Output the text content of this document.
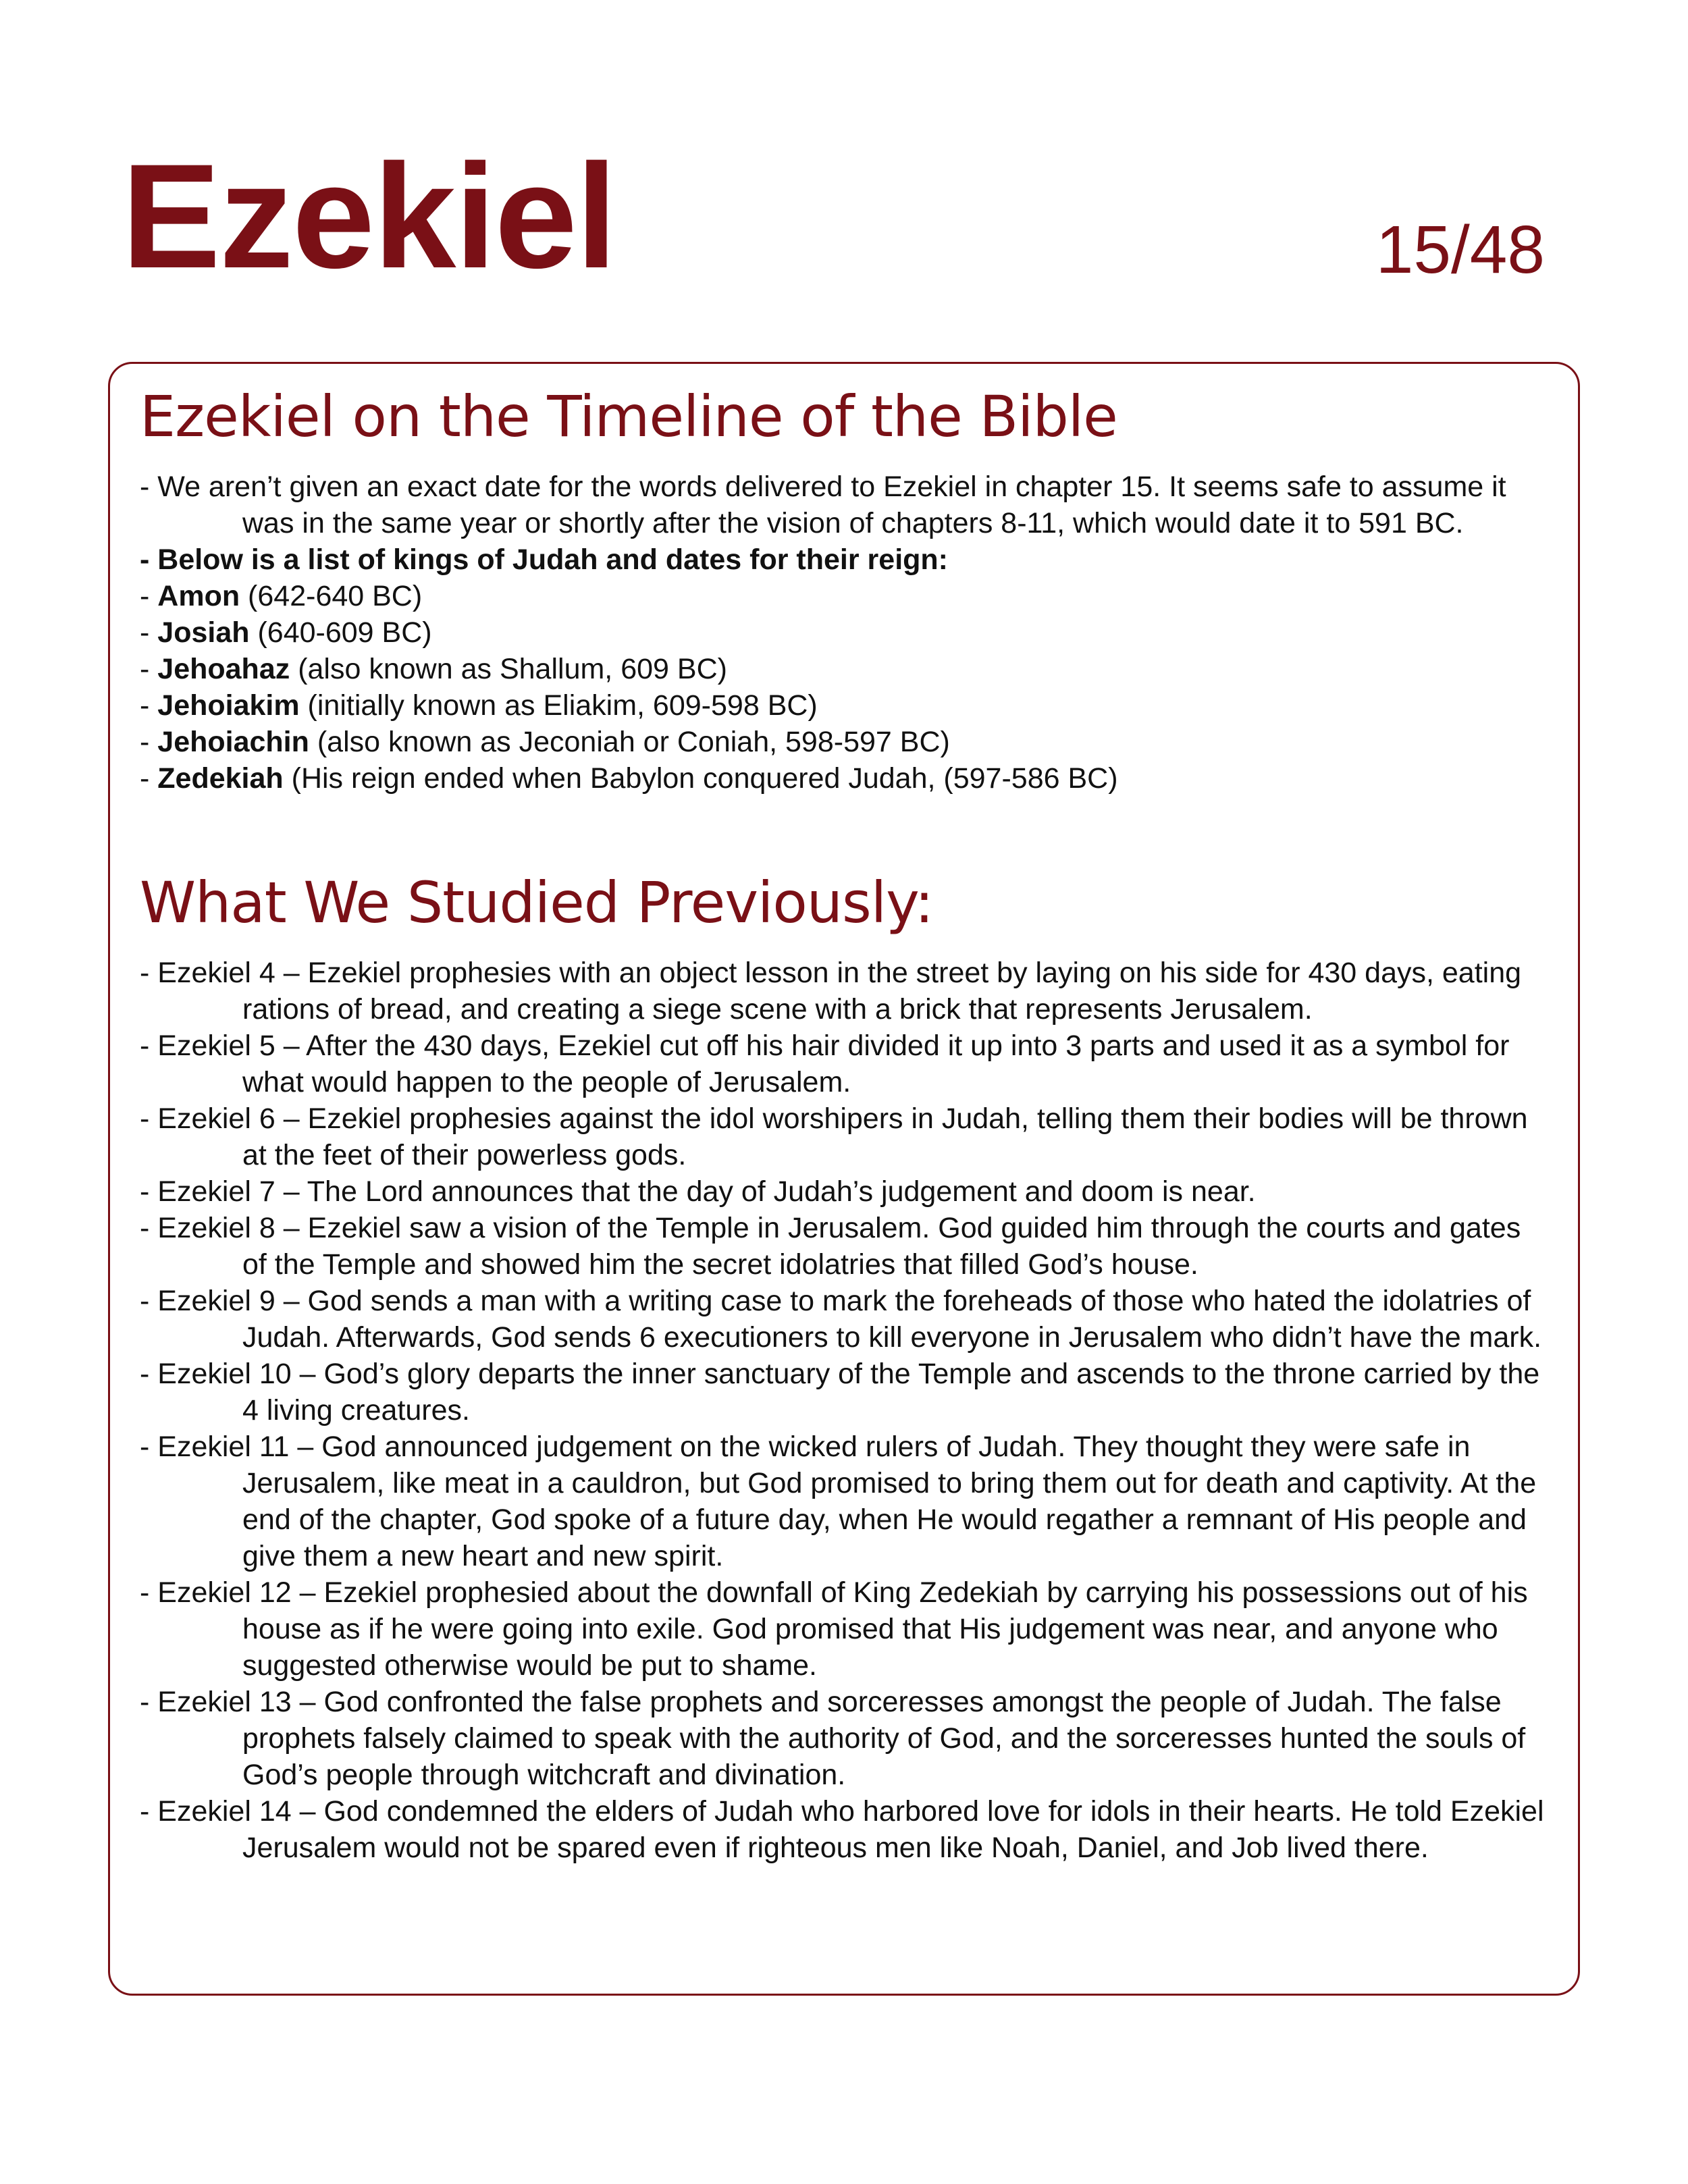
Ezekiel	15/48
Ezekiel on the Timeline of the Bible
- We aren’t given an exact date for the words delivered to Ezekiel in chapter 15. It seems safe to assume it was in the same year or shortly after the vision of chapters 8-11, which would date it to 591 BC.
- Below is a list of kings of Judah and dates for their reign:
- Amon (642-640 BC)
- Josiah (640-609 BC)
- Jehoahaz (also known as Shallum, 609 BC)
- Jehoiakim (initially known as Eliakim, 609-598 BC)
- Jehoiachin (also known as Jeconiah or Coniah, 598-597 BC)
- Zedekiah (His reign ended when Babylon conquered Judah, (597-586 BC)
What We Studied Previously:
- Ezekiel 4 – Ezekiel prophesies with an object lesson in the street by laying on his side for 430 days, eating rations of bread, and creating a siege scene with a brick that represents Jerusalem.
- Ezekiel 5 – After the 430 days, Ezekiel cut off his hair divided it up into 3 parts and used it as a symbol for what would happen to the people of Jerusalem.
- Ezekiel 6 – Ezekiel prophesies against the idol worshipers in Judah, telling them their bodies will be thrown at the feet of their powerless gods.
- Ezekiel 7 – The Lord announces that the day of Judah’s judgement and doom is near.
- Ezekiel 8 – Ezekiel saw a vision of the Temple in Jerusalem. God guided him through the courts and gates of the Temple and showed him the secret idolatries that filled God’s house.
- Ezekiel 9 – God sends a man with a writing case to mark the foreheads of those who hated the idolatries of Judah. Afterwards, God sends 6 executioners to kill everyone in Jerusalem who didn’t have the mark.
- Ezekiel 10 – God’s glory departs the inner sanctuary of the Temple and ascends to the throne carried by the 4 living creatures.
- Ezekiel 11 – God announced judgement on the wicked rulers of Judah. They thought they were safe in Jerusalem, like meat in a cauldron, but God promised to bring them out for death and captivity. At the end of the chapter, God spoke of a future day, when He would regather a remnant of His people and give them a new heart and new spirit.
- Ezekiel 12 – Ezekiel prophesied about the downfall of King Zedekiah by carrying his possessions out of his house as if he were going into exile. God promised that His judgement was near, and anyone who suggested otherwise would be put to shame.
- Ezekiel 13 – God confronted the false prophets and sorceresses amongst the people of Judah. The false prophets falsely claimed to speak with the authority of God, and the sorceresses hunted the souls of God’s people through witchcraft and divination.
- Ezekiel 14 – God condemned the elders of Judah who harbored love for idols in their hearts. He told Ezekiel Jerusalem would not be spared even if righteous men like Noah, Daniel, and Job lived there.
